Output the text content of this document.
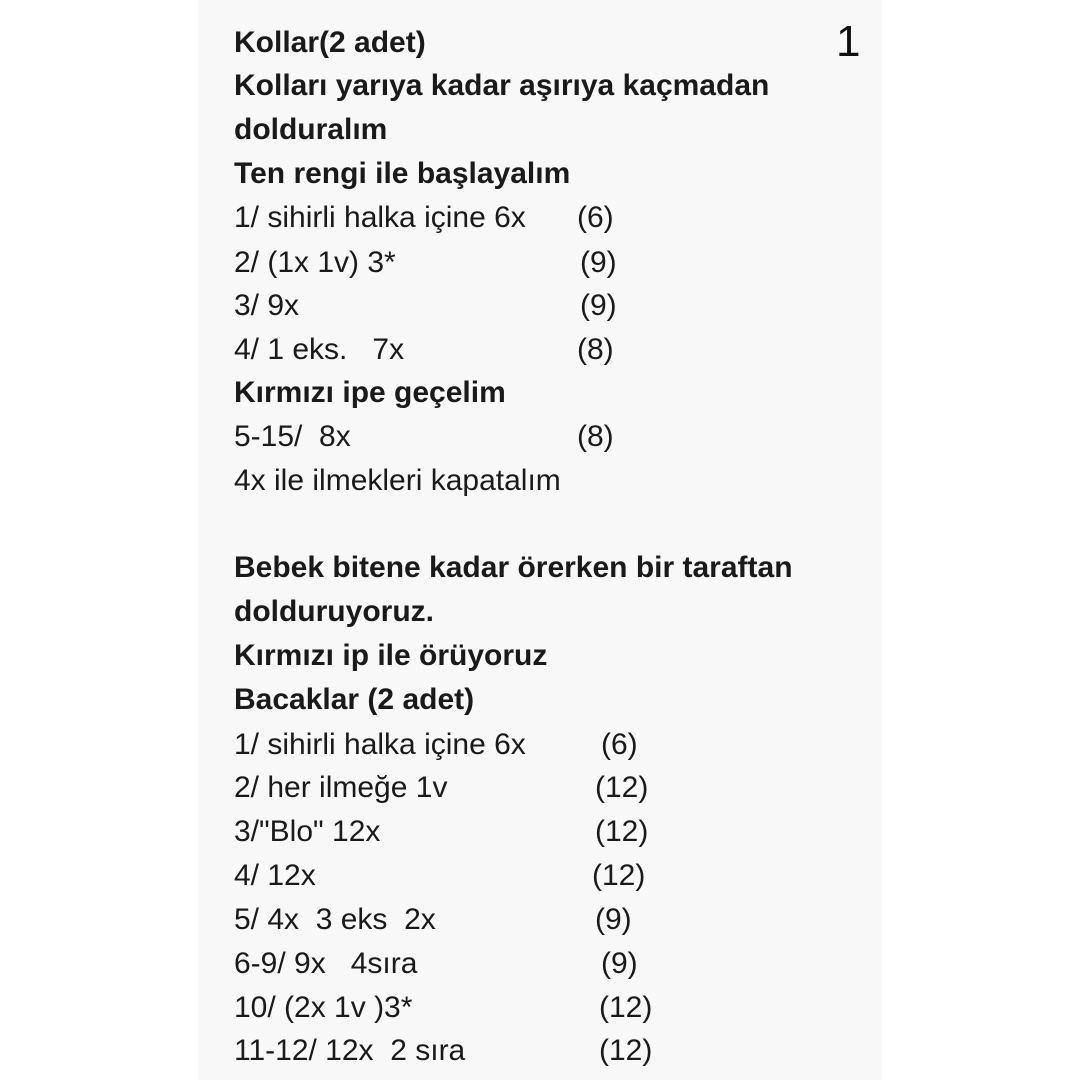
1
Kollar(2 adet)
Kolları yarıya kadar aşırıya kaçmadan
dolduralım
Ten rengi ile başlayalım
1/ sihirli halka içine 6x (6)
2/ (1x 1v) 3*	(9)
3/ 9x	(9)
4/ 1 eks.   7x	(8)
Kırmızı ipe geçelim
5-15/  8x	(8)
4x ile ilmekleri kapatalım
Bebek bitene kadar örerken bir taraftan
dolduruyoruz.
Kırmızı ip ile örüyoruz
Bacaklar (2 adet)
1/ sihirli halka içine 6x	(6)
2/ her ilmeğe 1v	(12)
3/"Blo" 12x	(12)
4/ 12x	(12)
5/ 4x  3 eks  2x	(9)
6-9/ 9x   4sıra	(9)
10/ (2x 1v )3*	(12)
11-12/ 12x  2 sıra	(12)
